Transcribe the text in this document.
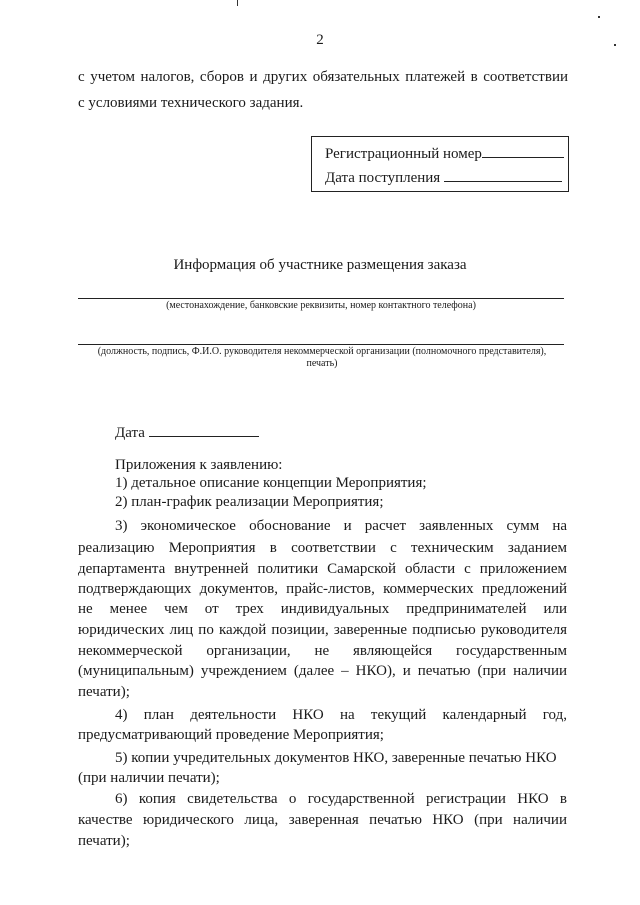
2
с учетом налогов, сборов и других обязательных платежей в соответствии
с условиями технического задания.
Регистрационный номер
Дата поступления
Информация об участнике размещения заказа
(местонахождение, банковские реквизиты, номер контактного телефона)
(должность, подпись, Ф.И.О. руководителя некоммерческой организации (полномочного представителя),
печать)
Дата
Приложения к заявлению:
1) детальное описание концепции Мероприятия;
2) план-график реализации Мероприятия;
3) экономическое обоснование и расчет заявленных сумм на
реализацию Мероприятия в соответствии с техническим заданием
департамента внутренней политики Самарской области с приложением
подтверждающих документов, прайс-листов, коммерческих предложений
не менее чем от трех индивидуальных предпринимателей или
юридических лиц по каждой позиции, заверенные подписью руководителя
некоммерческой организации, не являющейся государственным
(муниципальным) учреждением (далее – НКО), и печатью (при наличии
печати);
4) план деятельности НКО на текущий календарный год,
предусматривающий проведение Мероприятия;
5) копии учредительных документов НКО, заверенные печатью НКО
(при наличии печати);
6) копия свидетельства о государственной регистрации НКО в
качестве юридического лица, заверенная печатью НКО (при наличии
печати);
